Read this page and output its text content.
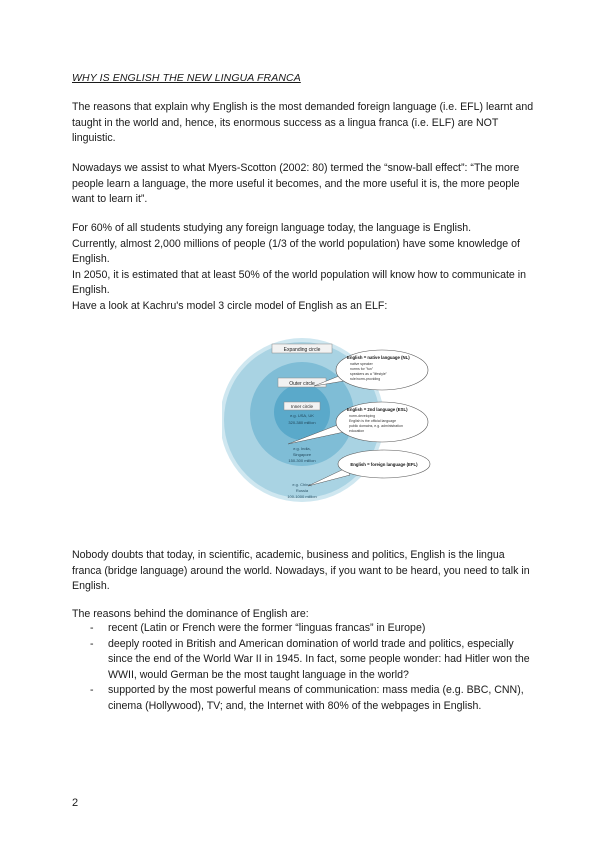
WHY IS ENGLISH THE NEW LINGUA FRANCA

The reasons that explain why English is the most demanded foreign language (i.e. EFL) learnt and taught in the world and, hence, its enormous success as a lingua franca (i.e. ELF) are NOT linguistic.

Nowadays we assist to what Myers-Scotton (2002: 80) termed the “snow-ball effect”: “The more people learn a language, the more useful it becomes, and the more useful it is, the more people want to learn it”.

For 60% of all students studying any foreign language today, the language is English.
Currently, almost 2,000 millions of people (1/3 of the world population) have some knowledge of English.
In 2050, it is estimated that at least 50% of the world population will know how to communicate in English.
Have a look at Kachru's model 3 circle model of English as an ELF:
Expanding circle
Outer circle
Inner circle
e.g. USA, UK
320-380 million
e.g. India,
Singapore
150-300 million
e.g. China,
Russia
100-1000 million
English = native language (NL)
native speaker
norms for "fun"
speakers as a "lifestyle"
rule/norm-providing
English = 2nd language (ESL)
norm-developing
English is the official language
public domains, e.g. administration
education
English = foreign language (EFL)

Nobody doubts that today, in scientific, academic, business and politics, English is the lingua franca (bridge language) around the world. Nowadays, if you want to be heard, you need to talk in English.

The reasons behind the dominance of English are:

- recent (Latin or French were the former “linguas francas” in Europe)
- deeply rooted in British and American domination of world trade and politics, especially since the end of the World War II in 1945. In fact, some people wonder: had Hitler won the WWII, would German be the most taught language in the world?
- supported by the most powerful means of communication: mass media (e.g. BBC, CNN), cinema (Hollywood), TV; and, the Internet with 80% of the webpages in English.
2
